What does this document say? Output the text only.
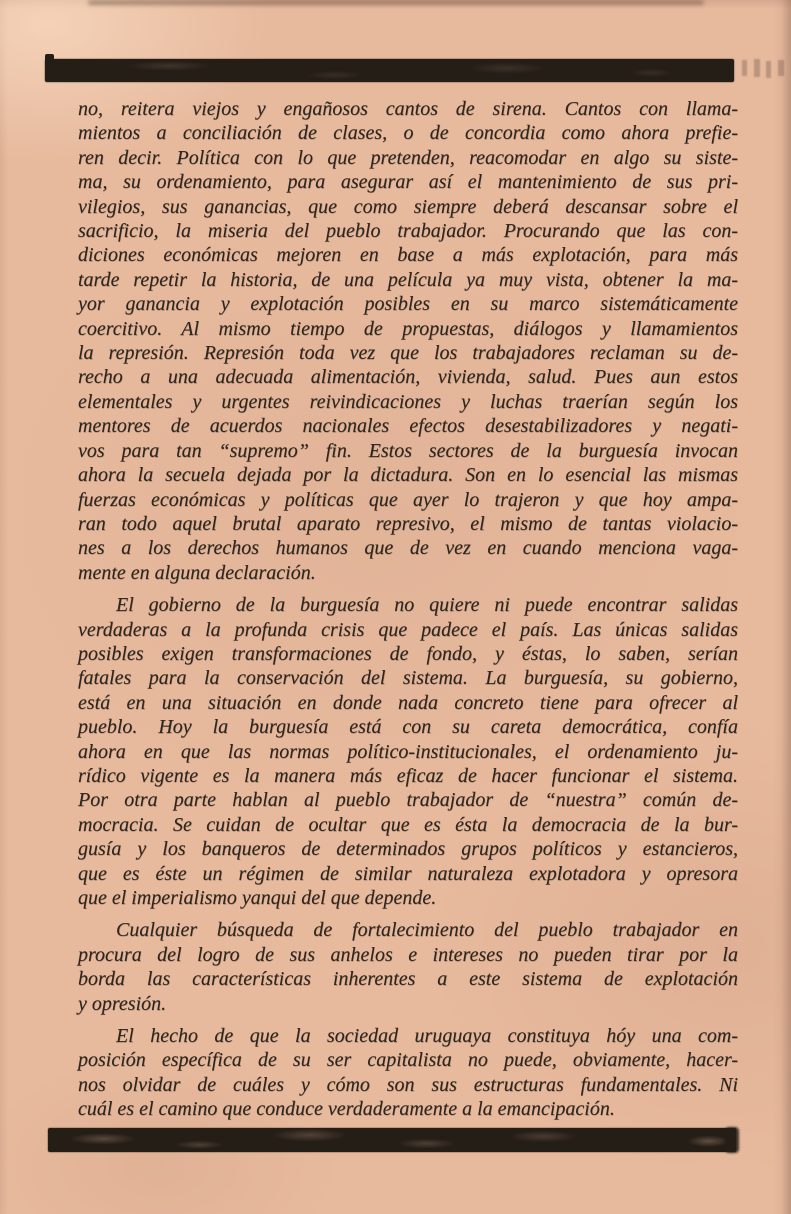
no, reitera viejos y engañosos cantos de sirena. Cantos con llama-
mientos a conciliación de clases, o de concordia como ahora prefie-
ren decir. Política con lo que pretenden, reacomodar en algo su siste-
ma, su ordenamiento, para asegurar así el mantenimiento de sus pri-
vilegios, sus ganancias, que como siempre deberá descansar sobre el
sacrificio, la miseria del pueblo trabajador. Procurando que las con-
diciones económicas mejoren en base a más explotación, para más
tarde repetir la historia, de una película ya muy vista, obtener la ma-
yor ganancia y explotación posibles en su marco sistemáticamente
coercitivo. Al mismo tiempo de propuestas, diálogos y llamamientos
la represión. Represión toda vez que los trabajadores reclaman su de-
recho a una adecuada alimentación, vivienda, salud. Pues aun estos
elementales y urgentes reivindicaciones y luchas traerían según los
mentores de acuerdos nacionales efectos desestabilizadores y negati-
vos para tan “supremo” fin. Estos sectores de la burguesía invocan
ahora la secuela dejada por la dictadura. Son en lo esencial las mismas
fuerzas económicas y políticas que ayer lo trajeron y que hoy ampa-
ran todo aquel brutal aparato represivo, el mismo de tantas violacio-
nes a los derechos humanos que de vez en cuando menciona vaga-
mente en alguna declaración.
El gobierno de la burguesía no quiere ni puede encontrar salidas
verdaderas a la profunda crisis que padece el país. Las únicas salidas
posibles exigen transformaciones de fondo, y éstas, lo saben, serían
fatales para la conservación del sistema. La burguesía, su gobierno,
está en una situación en donde nada concreto tiene para ofrecer al
pueblo. Hoy la burguesía está con su careta democrática, confía
ahora en que las normas político-institucionales, el ordenamiento ju-
rídico vigente es la manera más eficaz de hacer funcionar el sistema.
Por otra parte hablan al pueblo trabajador de “nuestra” común de-
mocracia. Se cuidan de ocultar que es ésta la democracia de la bur-
gusía y los banqueros de determinados grupos políticos y estancieros,
que es éste un régimen de similar naturaleza explotadora y opresora
que el imperialismo yanqui del que depende.
Cualquier búsqueda de fortalecimiento del pueblo trabajador en
procura del logro de sus anhelos e intereses no pueden tirar por la
borda las características inherentes a este sistema de explotación
y opresión.
El hecho de que la sociedad uruguaya constituya hóy una com-
posición específica de su ser capitalista no puede, obviamente, hacer-
nos olvidar de cuáles y cómo son sus estructuras fundamentales. Ni
cuál es el camino que conduce verdaderamente a la emancipación.
